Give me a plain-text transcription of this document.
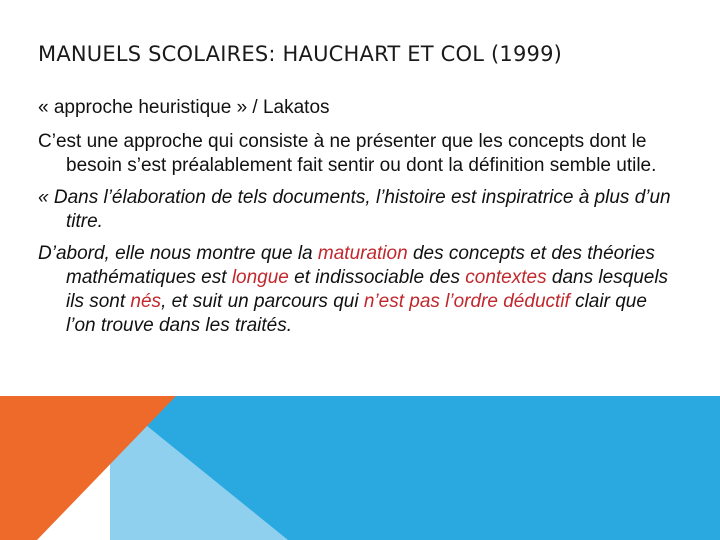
MANUELS SCOLAIRES: HAUCHART ET COL (1999)
« approche heuristique » / Lakatos
C’est une approche qui consiste à ne présenter que les concepts dont le besoin s’est préalablement fait sentir ou dont la définition semble utile.
« Dans l’élaboration de tels documents, l’histoire est inspiratrice à plus d’un titre.
D’abord, elle nous montre que la maturation des concepts et des théories mathématiques est longue et indissociable des contextes dans lesquels ils sont nés, et suit un parcours qui n’est pas l’ordre déductif clair que l’on trouve dans les traités.
